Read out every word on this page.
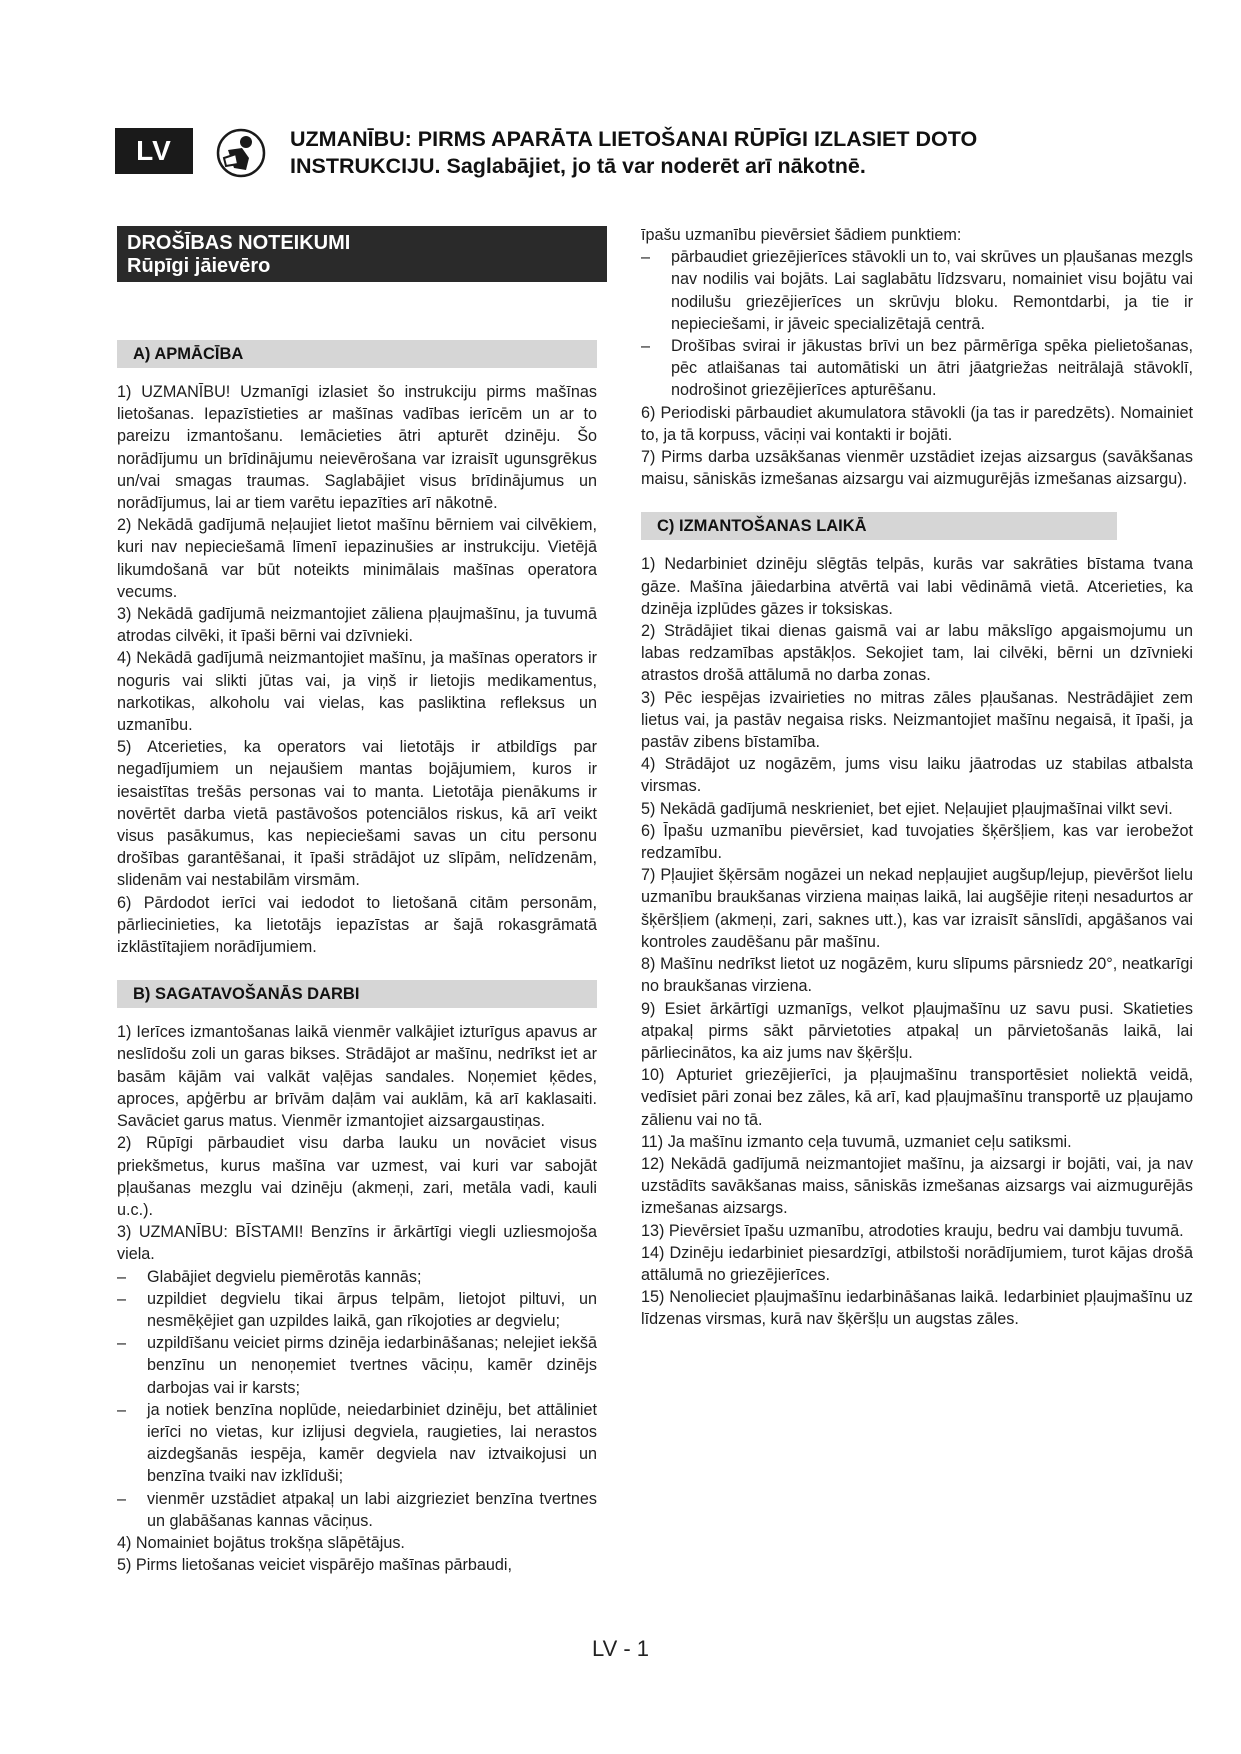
LV	UZMANĪBU: PIRMS APARĀTA LIETOŠANAI RŪPĪGI IZLASIET DOTO
INSTRUKCIJU. Saglabājiet, jo tā var noderēt arī nākotnē.
DROŠĪBAS NOTEIKUMI
Rūpīgi jāievēro
A) APMĀCĪBA

1) UZMANĪBU! Uzmanīgi izlasiet šo instrukciju pirms mašīnas lietošanas. Iepazīstieties ar mašīnas vadības ierīcēm un ar to pareizu izmantošanu. Iemācieties ātri apturēt dzinēju. Šo norādījumu un brīdinājumu neievērošana var izraisīt ugunsgrēkus un/vai smagas traumas. Saglabājiet visus brīdinājumus un norādījumus, lai ar tiem varētu iepazīties arī nākotnē.

2) Nekādā gadījumā neļaujiet lietot mašīnu bērniem vai cilvēkiem, kuri nav nepieciešamā līmenī iepazinušies ar instrukciju. Vietējā likumdošanā var būt noteikts minimālais mašīnas operatora vecums.

3) Nekādā gadījumā neizmantojiet zāliena pļaujmašīnu, ja tuvumā atrodas cilvēki, it īpaši bērni vai dzīvnieki.

4) Nekādā gadījumā neizmantojiet mašīnu, ja mašīnas operators ir noguris vai slikti jūtas vai, ja viņš ir lietojis medikamentus, narkotikas, alkoholu vai vielas, kas pasliktina refleksus un uzmanību.

5) Atcerieties, ka operators vai lietotājs ir atbildīgs par negadījumiem un nejaušiem mantas bojājumiem, kuros ir iesaistītas trešās personas vai to manta. Lietotāja pienākums ir novērtēt darba vietā pastāvošos potenciālos riskus, kā arī veikt visus pasākumus, kas nepieciešami savas un citu personu drošības garantēšanai, it īpaši strādājot uz slīpām, nelīdzenām, slidenām vai nestabilām virsmām.

6) Pārdodot ierīci vai iedodot to lietošanā citām personām, pārliecinieties, ka lietotājs iepazīstas ar šajā rokasgrāmatā izklāstītajiem norādījumiem.

B) SAGATAVOŠANĀS DARBI

1) Ierīces izmantošanas laikā vienmēr valkājiet izturīgus apavus ar neslīdošu zoli un garas bikses. Strādājot ar mašīnu, nedrīkst iet ar basām kājām vai valkāt vaļējas sandales. Noņemiet ķēdes, aproces, apģērbu ar brīvām daļām vai auklām, kā arī kaklasaiti. Savāciet garus matus. Vienmēr izmantojiet aizsargaustiņas.

2) Rūpīgi pārbaudiet visu darba lauku un novāciet visus priekšmetus, kurus mašīna var uzmest, vai kuri var sabojāt pļaušanas mezglu vai dzinēju (akmeņi, zari, metāla vadi, kauli u.c.).

3) UZMANĪBU: BĪSTAMI! Benzīns ir ārkārtīgi viegli uzliesmojoša viela.

–	Glabājiet degvielu piemērotās kannās;
–	uzpildiet degvielu tikai ārpus telpām, lietojot piltuvi, un nesmēķējiet gan uzpildes laikā, gan rīkojoties ar degvielu;
–	uzpildīšanu veiciet pirms dzinēja iedarbināšanas; nelejiet iekšā benzīnu un nenoņemiet tvertnes vāciņu, kamēr dzinējs darbojas vai ir karsts;
–	ja notiek benzīna noplūde, neiedarbiniet dzinēju, bet attāliniet ierīci no vietas, kur izlijusi degviela, raugieties, lai nerastos aizdegšanās iespēja, kamēr degviela nav iztvaikojusi un benzīna tvaiki nav izklīduši;
–	vienmēr uzstādiet atpakaļ un labi aizgrieziet benzīna tvertnes un glabāšanas kannas vāciņus.

4) Nomainiet bojātus trokšņa slāpētājus.

5) Pirms lietošanas veiciet vispārējo mašīnas pārbaudi,

īpašu uzmanību pievērsiet šādiem punktiem:

–	pārbaudiet griezējierīces stāvokli un to, vai skrūves un pļaušanas mezgls nav nodilis vai bojāts. Lai saglabātu līdzsvaru, nomainiet visu bojātu vai nodilušu griezējierīces un skrūvju bloku. Remontdarbi, ja tie ir nepieciešami, ir jāveic specializētajā centrā.
–	Drošības svirai ir jākustas brīvi un bez pārmērīga spēka pielietošanas, pēc atlaišanas tai automātiski un ātri jāatgriežas neitrālajā stāvoklī, nodrošinot griezējierīces apturēšanu.

6) Periodiski pārbaudiet akumulatora stāvokli (ja tas ir paredzēts). Nomainiet to, ja tā korpuss, vāciņi vai kontakti ir bojāti.

7) Pirms darba uzsākšanas vienmēr uzstādiet izejas aizsargus (savākšanas maisu, sāniskās izmešanas aizsargu vai aizmugurējās izmešanas aizsargu).

C) IZMANTOŠANAS LAIKĀ

1) Nedarbiniet dzinēju slēgtās telpās, kurās var sakrāties bīstama tvana gāze. Mašīna jāiedarbina atvērtā vai labi vēdināmā vietā. Atcerieties, ka dzinēja izplūdes gāzes ir toksiskas.

2) Strādājiet tikai dienas gaismā vai ar labu mākslīgo apgaismojumu un labas redzamības apstākļos. Sekojiet tam, lai cilvēki, bērni un dzīvnieki atrastos drošā attālumā no darba zonas.

3) Pēc iespējas izvairieties no mitras zāles pļaušanas. Nestrādājiet zem lietus vai, ja pastāv negaisa risks. Neizmantojiet mašīnu negaisā, it īpaši, ja pastāv zibens bīstamība.

4) Strādājot uz nogāzēm, jums visu laiku jāatrodas uz stabilas atbalsta virsmas.

5) Nekādā gadījumā neskrieniet, bet ejiet. Neļaujiet pļaujmašīnai vilkt sevi.

6) Īpašu uzmanību pievērsiet, kad tuvojaties šķēršļiem, kas var ierobežot redzamību.

7) Pļaujiet šķērsām nogāzei un nekad nepļaujiet augšup/lejup, pievēršot lielu uzmanību braukšanas virziena maiņas laikā, lai augšējie riteņi nesadurtos ar šķēršļiem (akmeņi, zari, saknes utt.), kas var izraisīt sānslīdi, apgāšanos vai kontroles zaudēšanu pār mašīnu.

8) Mašīnu nedrīkst lietot uz nogāzēm, kuru slīpums pārsniedz 20°, neatkarīgi no braukšanas virziena.

9) Esiet ārkārtīgi uzmanīgs, velkot pļaujmašīnu uz savu pusi. Skatieties atpakaļ pirms sākt pārvietoties atpakaļ un pārvietošanās laikā, lai pārliecinātos, ka aiz jums nav šķēršļu.

10) Apturiet griezējierīci, ja pļaujmašīnu transportēsiet noliektā veidā, vedīsiet pāri zonai bez zāles, kā arī, kad pļaujmašīnu transportē uz pļaujamo zālienu vai no tā.

11) Ja mašīnu izmanto ceļa tuvumā, uzmaniet ceļu satiksmi.

12) Nekādā gadījumā neizmantojiet mašīnu, ja aizsargi ir bojāti, vai, ja nav uzstādīts savākšanas maiss, sāniskās izmešanas aizsargs vai aizmugurējās izmešanas aizsargs.

13) Pievērsiet īpašu uzmanību, atrodoties krauju, bedru vai dambju tuvumā.

14) Dzinēju iedarbiniet piesardzīgi, atbilstoši norādījumiem, turot kājas drošā attālumā no griezējierīces.

15) Nenolieciet pļaujmašīnu iedarbināšanas laikā. Iedarbiniet pļaujmašīnu uz līdzenas virsmas, kurā nav šķēršļu un augstas zāles.

LV - 1
